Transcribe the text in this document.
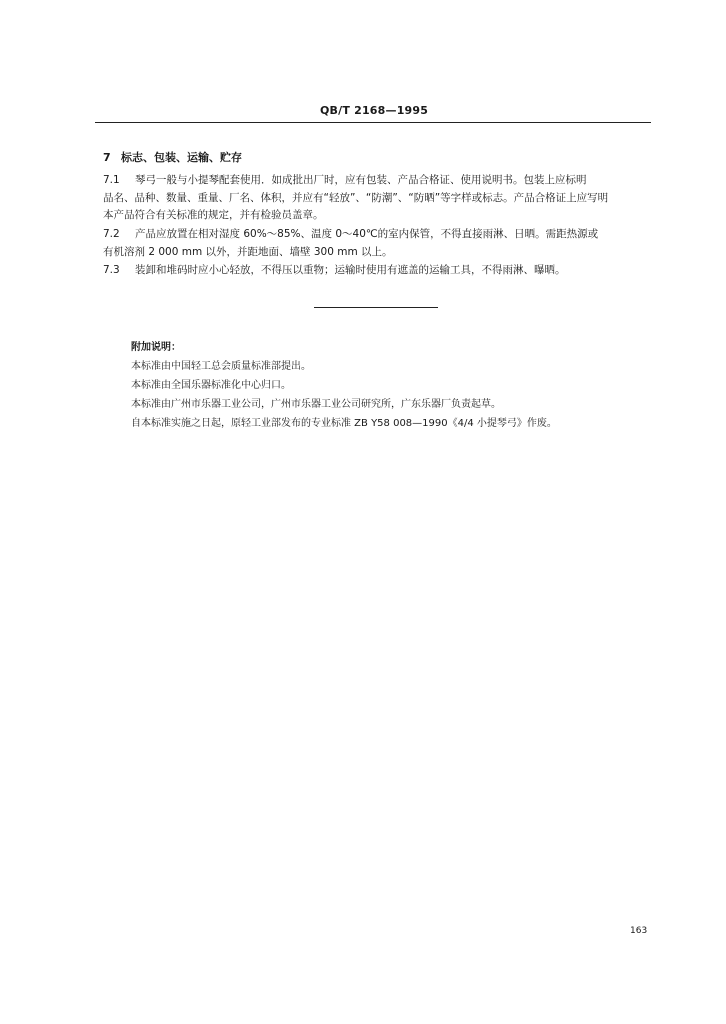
QB/T 2168—1995
7 标志、包装、运输、贮存
7.1 琴弓一般与小提琴配套使用．如成批出厂时，应有包装、产品合格证、使用说明书。包装上应标明
品名、品种、数量、重量、厂名、体积，并应有“轻放”、“防潮”、“防晒”等字样或标志。产品合格证上应写明
本产品符合有关标准的规定，并有检验员盖章。
7.2 产品应放置在相对湿度 60%～85%、温度 0～40℃的室内保管，不得直接雨淋、日晒。需距热源或
有机溶剂 2 000 mm 以外，并距地面、墙壁 300 mm 以上。
7.3 装卸和堆码时应小心轻放，不得压以重物；运输时使用有遮盖的运输工具，不得雨淋、曝晒。
附加说明：
本标准由中国轻工总会质量标准部提出。
本标准由全国乐器标准化中心归口。
本标准由广州市乐器工业公司，广州市乐器工业公司研究所，广东乐器厂负责起草。
自本标准实施之日起，原轻工业部发布的专业标准 ZB Y58 008—1990《4/4 小提琴弓》作废。
163
